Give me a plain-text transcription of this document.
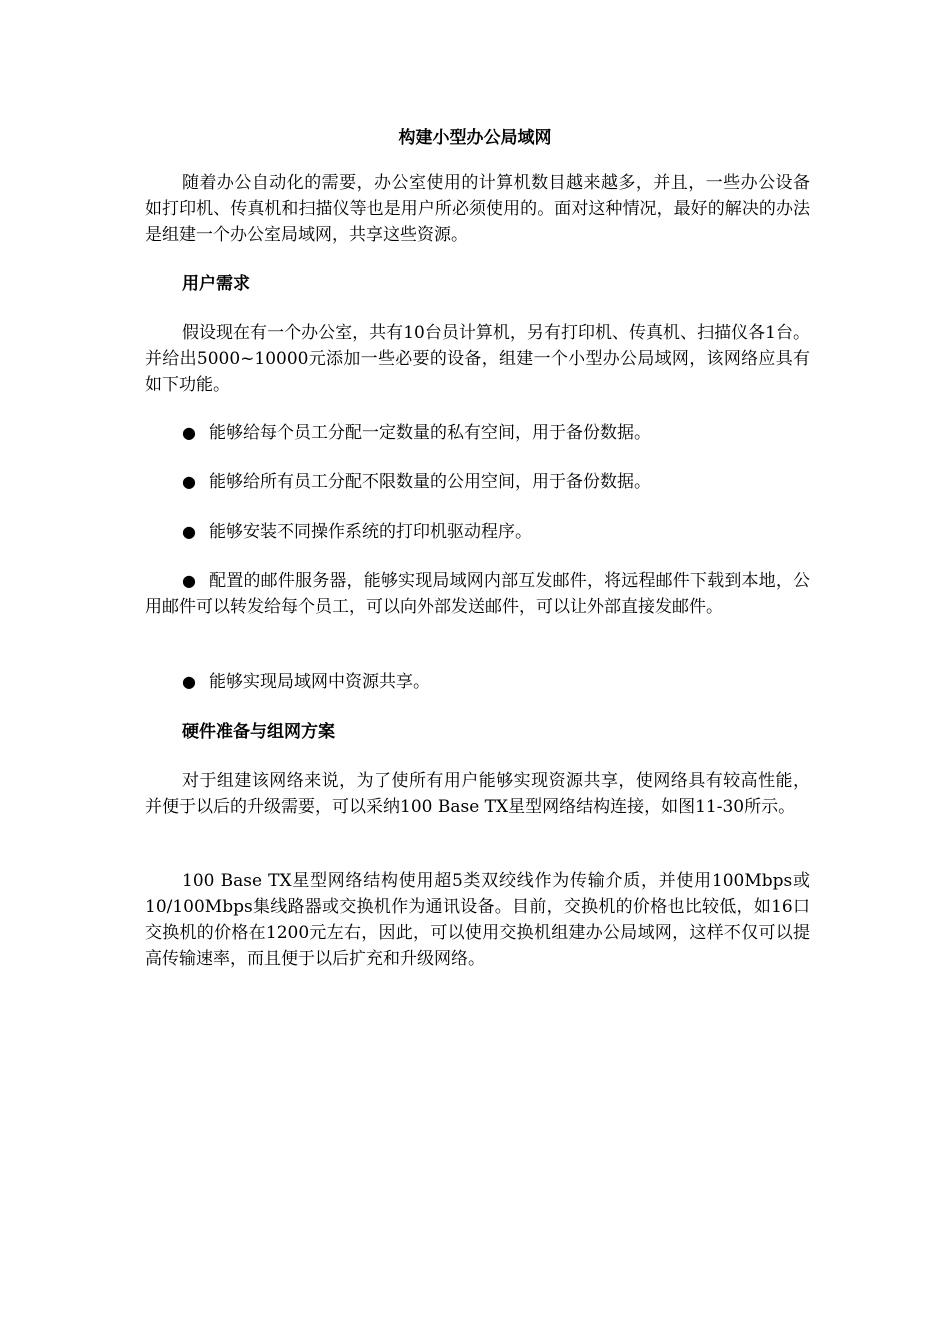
构建小型办公局域网

随着办公自动化的需要，办公室使用的计算机数目越来越多，并且，一些办公设备如打印机、传真机和扫描仪等也是用户所必须使用的。面对这种情况，最好的解决的办法是组建一个办公室局域网，共享这些资源。

用户需求

假设现在有一个办公室，共有10台员计算机，另有打印机、传真机、扫描仪各1台。并给出5000~10000元添加一些必要的设备，组建一个小型办公局域网，该网络应具有如下功能。

● 能够给每个员工分配一定数量的私有空间，用于备份数据。

● 能够给所有员工分配不限数量的公用空间，用于备份数据。

● 能够安装不同操作系统的打印机驱动程序。

● 配置的邮件服务器，能够实现局域网内部互发邮件，将远程邮件下载到本地，公用邮件可以转发给每个员工，可以向外部发送邮件，可以让外部直接发邮件。

● 能够实现局域网中资源共享。

硬件准备与组网方案

对于组建该网络来说，为了使所有用户能够实现资源共享，使网络具有较高性能，并便于以后的升级需要，可以采纳100 Base TX星型网络结构连接，如图11-30所示。

100 Base TX星型网络结构使用超5类双绞线作为传输介质，并使用100Mbps或10/100Mbps集线路器或交换机作为通讯设备。目前，交换机的价格也比较低，如16口交换机的价格在1200元左右，因此，可以使用交换机组建办公局域网，这样不仅可以提高传输速率，而且便于以后扩充和升级网络。
